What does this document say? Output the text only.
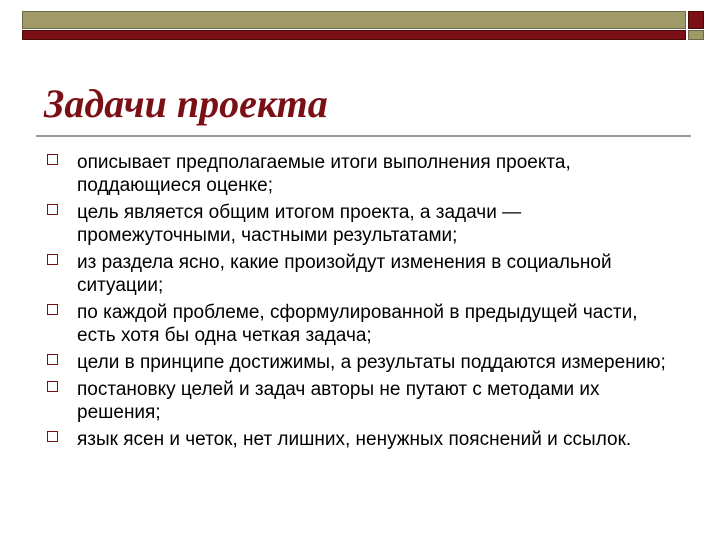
Задачи проекта
описывает предполагаемые итоги выполнения проекта, поддающиеся оценке;
цель является общим итогом проекта, а задачи — промежуточными, частными результатами;
из раздела ясно, какие произойдут изменения в социальной ситуации;
по каждой проблеме, сформулированной в предыдущей части, есть хотя бы одна четкая задача;
цели в принципе достижимы, а результаты поддаются измерению;
постановку целей и задач авторы не путают с методами их решения;
язык ясен и четок, нет лишних, ненужных пояснений и ссылок.
